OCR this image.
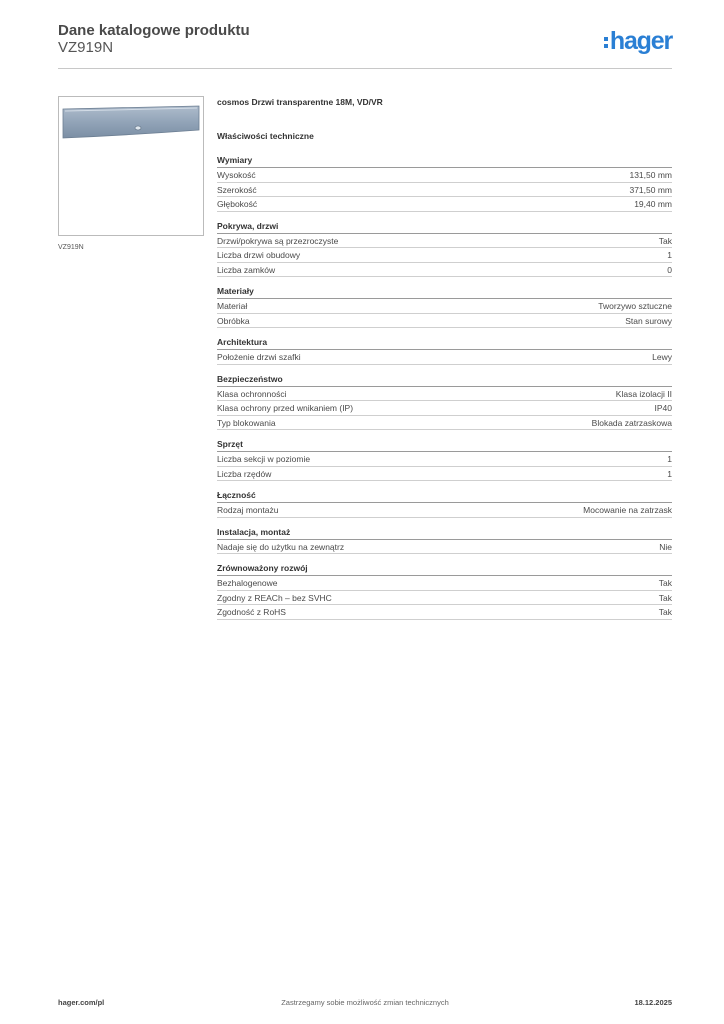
Dane katalogowe produktu
VZ919N	hager
VZ919N
cosmos Drzwi transparentne 18M, VD/VR
Właściwości techniczne
Wymiary
Wysokość	131,50 mm
Szerokość	371,50 mm
Głębokość	19,40 mm
Pokrywa, drzwi
Drzwi/pokrywa są przezroczyste	Tak
Liczba drzwi obudowy	1
Liczba zamków	0
Materiały
Materiał	Tworzywo sztuczne
Obróbka	Stan surowy
Architektura
Położenie drzwi szafki	Lewy
Bezpieczeństwo
Klasa ochronności	Klasa izolacji II
Klasa ochrony przed wnikaniem (IP)	IP40
Typ blokowania	Blokada zatrzaskowa
Sprzęt
Liczba sekcji w poziomie	1
Liczba rzędów	1
Łączność
Rodzaj montażu	Mocowanie na zatrzask
Instalacja, montaż
Nadaje się do użytku na zewnątrz	Nie
Zrównoważony rozwój
Bezhalogenowe	Tak
Zgodny z REACh – bez SVHC	Tak
Zgodność z RoHS	Tak
hager.com/pl	Zastrzegamy sobie możliwość zmian technicznych	18.12.2025
